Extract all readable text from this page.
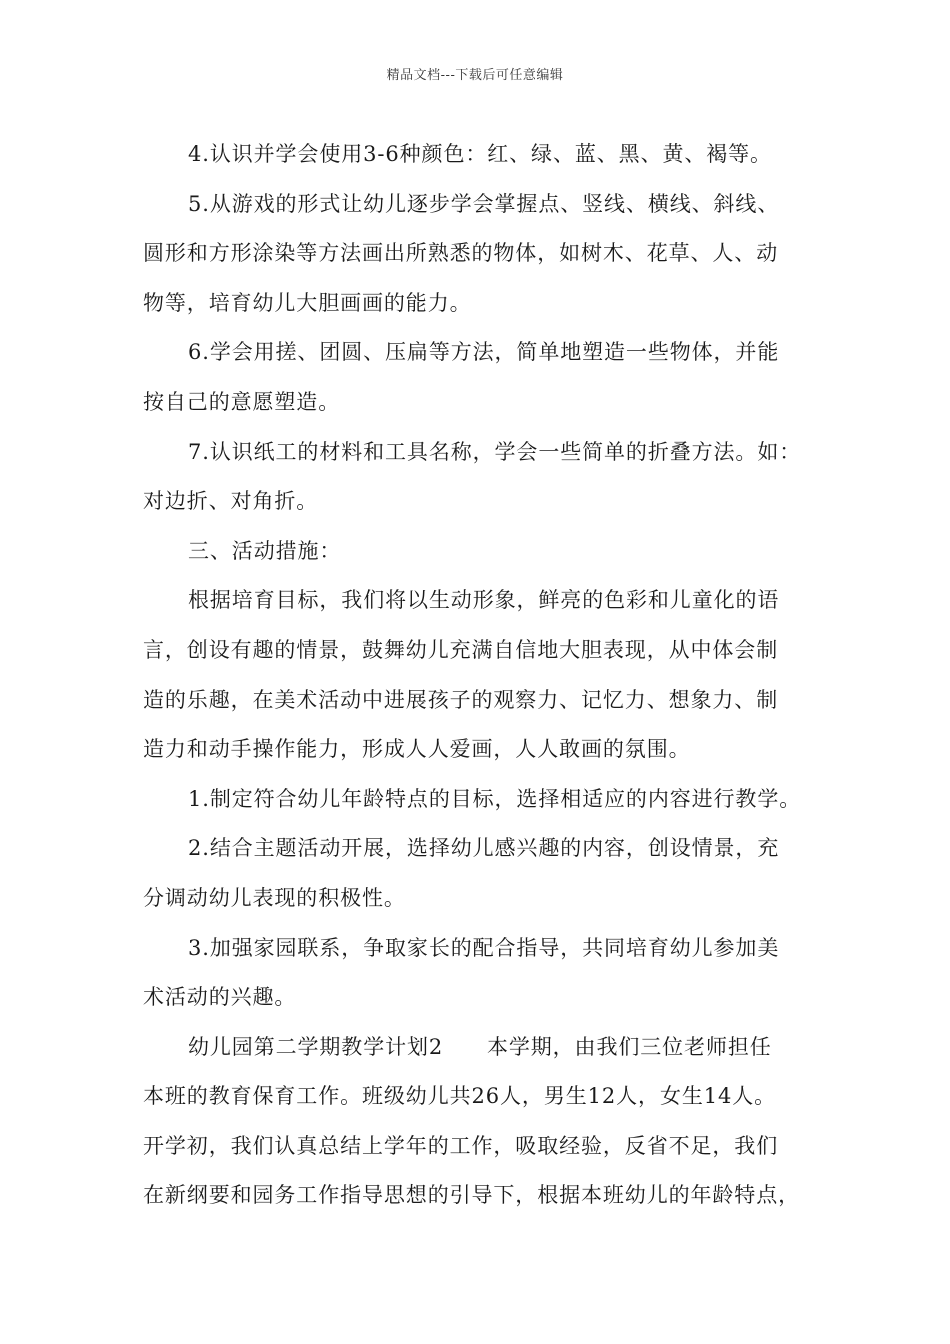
精品文档---下载后可任意编辑
4.认识并学会使用3-6种颜色：红、绿、蓝、黑、黄、褐等。
5.从游戏的形式让幼儿逐步学会掌握点、竖线、横线、斜线、
圆形和方形涂染等方法画出所熟悉的物体，如树木、花草、人、动
物等，培育幼儿大胆画画的能力。
6.学会用搓、团圆、压扁等方法，简单地塑造一些物体，并能
按自己的意愿塑造。
7.认识纸工的材料和工具名称，学会一些简单的折叠方法。如：
对边折、对角折。
三、活动措施：
根据培育目标，我们将以生动形象，鲜亮的色彩和儿童化的语
言，创设有趣的情景，鼓舞幼儿充满自信地大胆表现，从中体会制
造的乐趣，在美术活动中进展孩子的观察力、记忆力、想象力、制
造力和动手操作能力，形成人人爱画，人人敢画的氛围。
1.制定符合幼儿年龄特点的目标，选择相适应的内容进行教学。
2.结合主题活动开展，选择幼儿感兴趣的内容，创设情景，充
分调动幼儿表现的积极性。
3.加强家园联系，争取家长的配合指导，共同培育幼儿参加美
术活动的兴趣。
幼儿园第二学期教学计划2　　本学期，由我们三位老师担任
本班的教育保育工作。班级幼儿共26人，男生12人，女生14人。
开学初，我们认真总结上学年的工作，吸取经验，反省不足，我们
在新纲要和园务工作指导思想的引导下，根据本班幼儿的年龄特点，
